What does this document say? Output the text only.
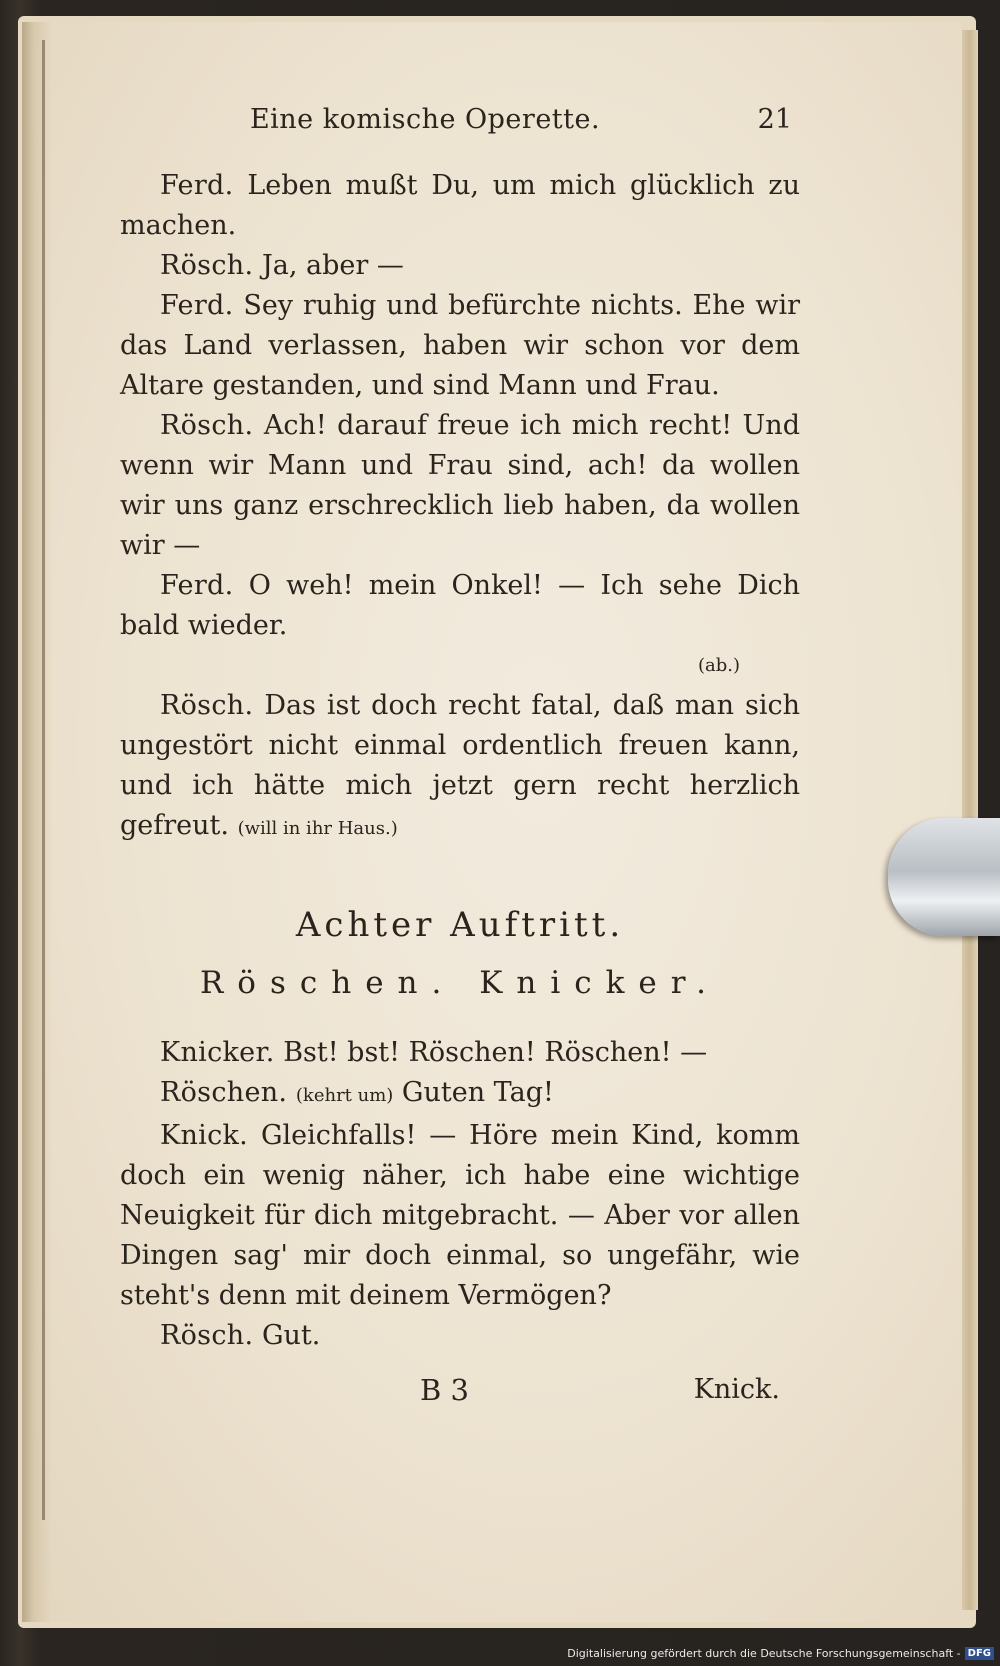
Eine komische Operette.	21

Ferd. Leben mußt Du, um mich glücklich zu machen.

Rösch. Ja, aber —

Ferd. Sey ruhig und befürchte nichts. Ehe wir das Land verlassen, haben wir schon vor dem Altare gestanden, und sind Mann und Frau.

Rösch. Ach! darauf freue ich mich recht! Und wenn wir Mann und Frau sind, ach! da wollen wir uns ganz erschrecklich lieb haben, da wollen wir —

Ferd. O weh! mein Onkel! — Ich sehe Dich bald wieder.

(ab.)

Rösch. Das ist doch recht fatal, daß man sich ungestört nicht einmal ordentlich freuen kann, und ich hätte mich jetzt gern recht herzlich gefreut. (will in ihr Haus.)

Achter Auftritt.

Röschen. Knicker.

Knicker. Bst! bst! Röschen! Röschen! —

Röschen. (kehrt um) Guten Tag!

Knick. Gleichfalls! — Höre mein Kind, komm doch ein wenig näher, ich habe eine wichtige Neuigkeit für dich mitgebracht. — Aber vor allen Dingen sag' mir doch einmal, so ungefähr, wie steht's denn mit deinem Vermögen?

Rösch. Gut.

B 3	Knick.
Digitalisierung gefördert durch die Deutsche Forschungsgemeinschaft - DFG
